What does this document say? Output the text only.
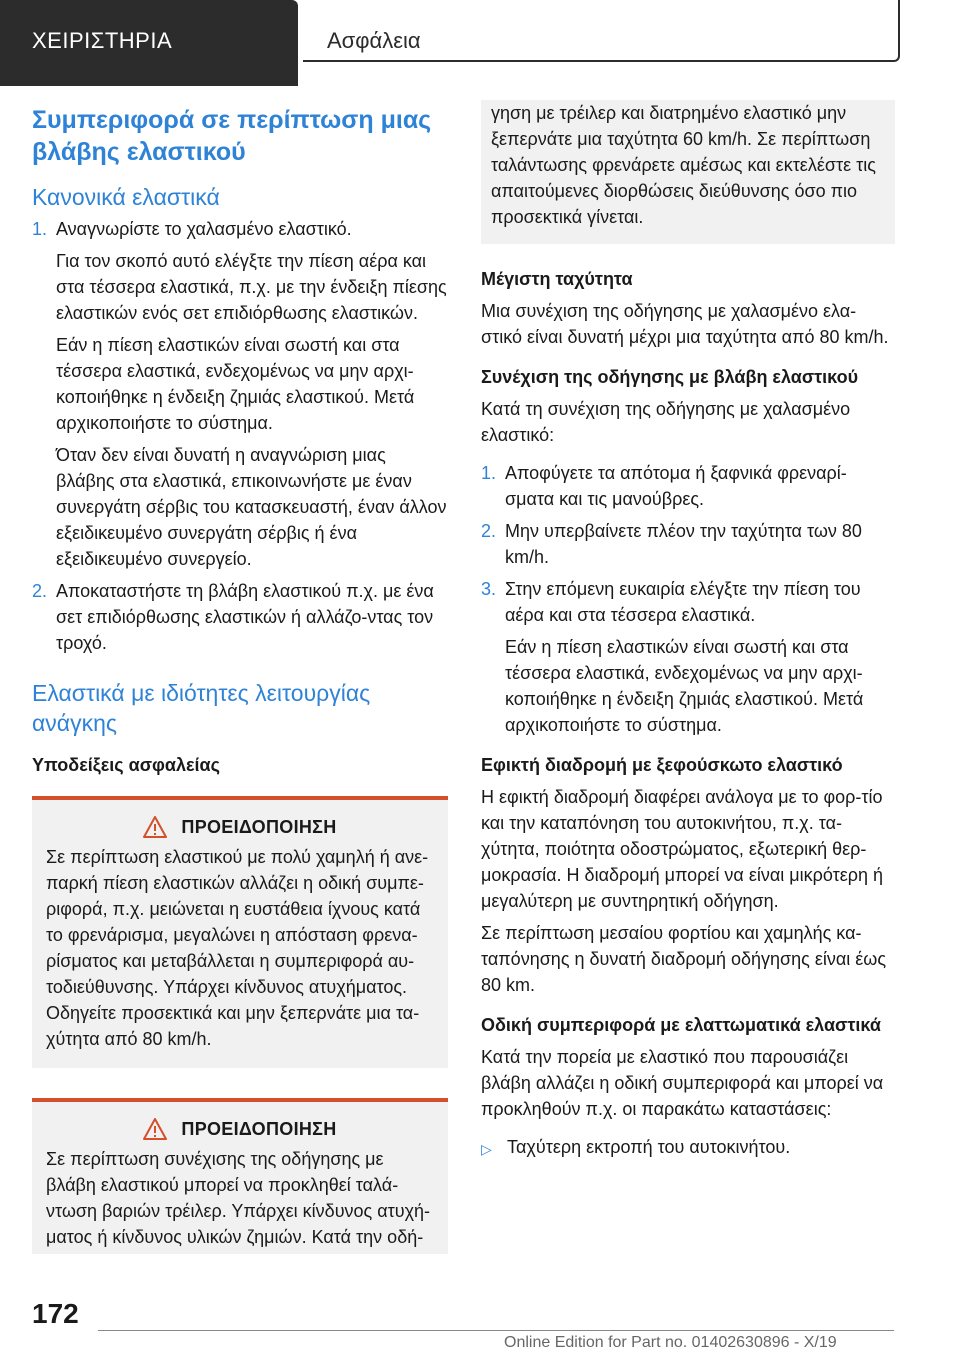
ΧΕΙΡΙΣΤΗΡΙΑ	Ασφάλεια
Συμπεριφορά σε περίπτωση μιας βλάβης ελαστικού
Κανονικά ελαστικά
1. Αναγνωρίστε το χαλασμένο ελαστικό.
Για τον σκοπό αυτό ελέγξτε την πίεση αέρα και στα τέσσερα ελαστικά, π.χ. με την ένδειξη πίεσης ελαστικών ενός σετ επιδιόρθωσης ελαστικών.
Εάν η πίεση ελαστικών είναι σωστή και στα τέσσερα ελαστικά, ενδεχομένως να μην αρχι‐κοποιήθηκε η ένδειξη ζημιάς ελαστικού. Μετά αρχικοποιήστε το σύστημα.
Όταν δεν είναι δυνατή η αναγνώριση μιας βλάβης στα ελαστικά, επικοινωνήστε με έναν συνεργάτη σέρβις του κατασκευαστή, έναν άλλον εξειδικευμένο συνεργάτη σέρβις ή ένα εξειδικευμένο συνεργείο.
2. Αποκαταστήστε τη βλάβη ελαστικού π.χ. με ένα σετ επιδιόρθωσης ελαστικών ή αλλάζο‐ντας τον τροχό.
Ελαστικά με ιδιότητες λειτουργίας ανάγκης
Υποδείξεις ασφαλείας
ΠΡΟΕΙΔΟΠΟΙΗΣΗ

Σε περίπτωση ελαστικού με πολύ χαμηλή ή ανε‐παρκή πίεση ελαστικών αλλάζει η οδική συμπε‐ριφορά, π.χ. μειώνεται η ευστάθεια ίχνους κατά το φρενάρισμα, μεγαλώνει η απόσταση φρενα‐ρίσματος και μεταβάλλεται η συμπεριφορά αυ‐τοδιεύθυνσης. Υπάρχει κίνδυνος ατυχήματος. Οδηγείτε προσεκτικά και μην ξεπερνάτε μια τα‐χύτητα από 80 km/h.

ΠΡΟΕΙΔΟΠΟΙΗΣΗ

Σε περίπτωση συνέχισης της οδήγησης με βλάβη ελαστικού μπορεί να προκληθεί ταλά‐ντωση βαριών τρέιλερ. Υπάρχει κίνδυνος ατυχή‐ματος ή κίνδυνος υλικών ζημιών. Κατά την οδή‐

γηση με τρέιλερ και διατρημένο ελαστικό μην ξεπερνάτε μια ταχύτητα 60 km/h. Σε περίπτωση ταλάντωσης φρενάρετε αμέσως και εκτελέστε τις απαιτούμενες διορθώσεις διεύθυνσης όσο πιο προσεκτικά γίνεται.

Μέγιστη ταχύτητα

Μια συνέχιση της οδήγησης με χαλασμένο ελα‐στικό είναι δυνατή μέχρι μια ταχύτητα από 80 km/h.

Συνέχιση της οδήγησης με βλάβη ελαστικού

Κατά τη συνέχιση της οδήγησης με χαλασμένο ελαστικό:

1. Αποφύγετε τα απότομα ή ξαφνικά φρεναρί‐σματα και τις μανούβρες.
2. Μην υπερβαίνετε πλέον την ταχύτητα των 80 km/h.
3. Στην επόμενη ευκαιρία ελέγξτε την πίεση του αέρα και στα τέσσερα ελαστικά.
Εάν η πίεση ελαστικών είναι σωστή και στα τέσσερα ελαστικά, ενδεχομένως να μην αρχι‐κοποιήθηκε η ένδειξη ζημιάς ελαστικού. Μετά αρχικοποιήστε το σύστημα.
Εφικτή διαδρομή με ξεφούσκωτο ελαστικό

Η εφικτή διαδρομή διαφέρει ανάλογα με το φορ‐τίο και την καταπόνηση του αυτοκινήτου, π.χ. τα‐χύτητα, ποιότητα οδοστρώματος, εξωτερική θερ‐μοκρασία. Η διαδρομή μπορεί να είναι μικρότερη ή μεγαλύτερη με συντηρητική οδήγηση.

Σε περίπτωση μεσαίου φορτίου και χαμηλής κα‐ταπόνησης η δυνατή διαδρομή οδήγησης είναι έως 80 km.

Οδική συμπεριφορά με ελαττωματικά ελαστικά

Κατά την πορεία με ελαστικό που παρουσιάζει βλάβη αλλάζει η οδική συμπεριφορά και μπορεί να προκληθούν π.χ. οι παρακάτω καταστάσεις:

▷ Ταχύτερη εκτροπή του αυτοκινήτου.
172
Online Edition for Part no. 01402630896 - X/19
